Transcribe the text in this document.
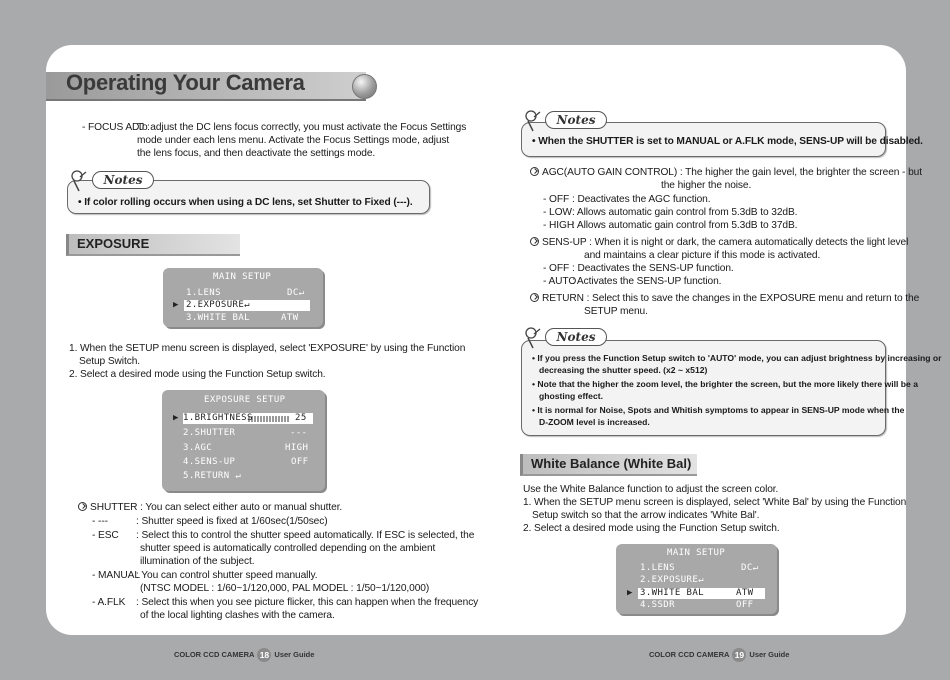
Operating Your Camera
- FOCUS ADJ :
To adjust the DC lens focus correctly, you must activate the Focus Settings
mode under each lens menu. Activate the Focus Settings mode, adjust
the lens focus, and then deactivate the settings mode.
Notes
• If color rolling occurs when using a DC lens, set Shutter to Fixed (---).
EXPOSURE
MAIN SETUP
1.LENS	DC↵
▶ 2.EXPOSURE↵
3.WHITE BAL	ATW
1. When the SETUP menu screen is displayed, select 'EXPOSURE' by using the Function
Setup Switch.
2. Select a desired mode using the Function Setup switch.
EXPOSURE SETUP
▶ 1.BRIGHTNESS	25
2.SHUTTER	---
3.AGC	HIGH
4.SENS-UP	OFF
5.RETURN ↵
SHUTTER : You can select either auto or manual shutter.
- ---	: Shutter speed is fixed at 1/60sec(1/50sec)
- ESC : Select this to control the shutter speed automatically. If ESC is selected, the
shutter speed is automatically controlled depending on the ambient
illumination of the subject.
- MANUAL
: You can control shutter speed manually.
(NTSC MODEL : 1/60~1/120,000, PAL MODEL : 1/50~1/120,000)
- A.FLK : Select this when you see picture flicker, this can happen when the frequency
of the local lighting clashes with the camera.
COLOR CCD CAMERA 18 User Guide
Notes
• When the SHUTTER is set to MANUAL or A.FLK mode, SENS-UP will be disabled.
AGC(AUTO GAIN CONTROL) : The higher the gain level, the brighter the screen - but
the higher the noise.
- OFF : Deactivates the AGC function.
- LOW : Allows automatic gain control from 5.3dB to 32dB.
- HIGH
: Allows automatic gain control from 5.3dB to 37dB.
SENS-UP : When it is night or dark, the camera automatically detects the light level
and maintains a clear picture if this mode is activated.
- OFF : Deactivates the SENS-UP function.
- AUTO
: Activates the SENS-UP function.
RETURN : Select this to save the changes in the EXPOSURE menu and return to the
SETUP menu.
Notes
• If you press the Function Setup switch to 'AUTO' mode, you can adjust brightness by increasing or
decreasing the shutter speed. (x2 ~ x512)
• Note that the higher the zoom level, the brighter the screen, but the more likely there will be a
ghosting effect.
• It is normal for Noise, Spots and Whitish symptoms to appear in SENS-UP mode when the
D-ZOOM level is increased.
White Balance (White Bal)
Use the White Balance function to adjust the screen color.
1. When the SETUP menu screen is displayed, select 'White Bal' by using the Function
Setup switch so that the arrow indicates 'White Bal'.
2. Select a desired mode using the Function Setup switch.
MAIN SETUP
1.LENS	DC↵
2.EXPOSURE↵
▶ 3.WHITE BAL	ATW
4.SSDR	OFF
COLOR CCD CAMERA 19 User Guide
